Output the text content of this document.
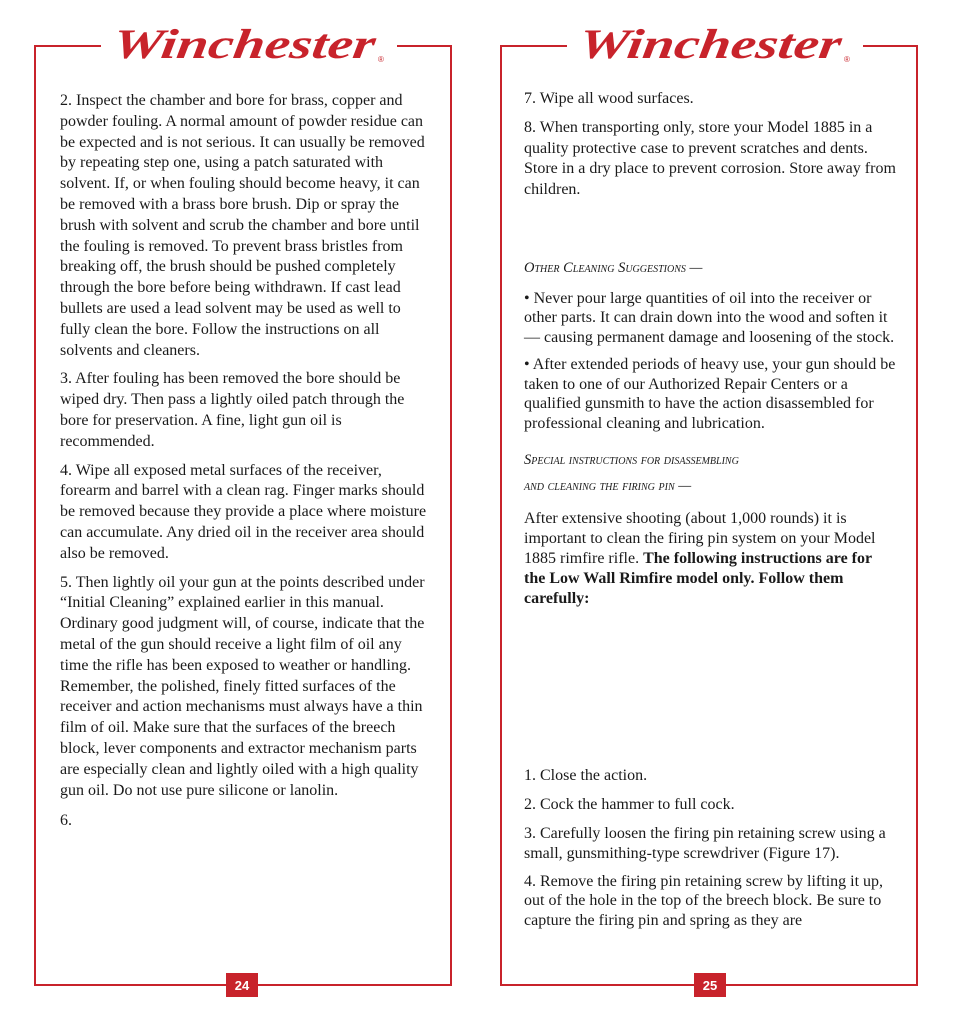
Winchester	®	Winchester	®

2. Inspect the chamber and bore for brass, copper and powder fouling. A normal amount of powder residue can be expected and is not serious. It can usually be removed by repeating step one, using a patch saturated with solvent. If, or when fouling should become heavy, it can be removed with a brass bore brush. Dip or spray the brush with solvent and scrub the chamber and bore until the fouling is removed. To prevent brass bristles from breaking off, the brush should be pushed completely through the bore before being withdrawn. If cast lead bullets are used a lead solvent may be used as well to fully clean the bore. Follow the instructions on all solvents and cleaners.

3. After fouling has been removed the bore should be wiped dry. Then pass a lightly oiled patch through the bore for preservation. A fine, light gun oil is recommended.

4. Wipe all exposed metal surfaces of the receiver, forearm and barrel with a clean rag. Finger marks should be removed because they provide a place where moisture can accumulate. Any dried oil in the receiver area should also be removed.

5. Then lightly oil your gun at the points described under “Initial Cleaning” explained earlier in this manual. Ordinary good judgment will, of course, indicate that the metal of the gun should receive a light film of oil any time the rifle has been exposed to weather or handling. Remember, the polished, finely fitted surfaces of the receiver and action mechanisms must always have a thin film of oil. Make sure that the surfaces of the breech block, lever components and extractor mechanism parts are especially clean and lightly oiled with a high quality gun oil. Do not use pure silicone or lanolin.

6.

7. Wipe all wood surfaces.

8. When transporting only, store your Model 1885 in a quality protective case to prevent scratches and dents. Store in a dry place to prevent corrosion. Store away from children.

Other Cleaning Suggestions —

• Never pour large quantities of oil into the receiver or other parts. It can drain down into the wood and soften it — causing permanent damage and loosening of the stock.

• After extended periods of heavy use, your gun should be taken to one of our Authorized Repair Centers or a qualified gunsmith to have the action disassembled for professional cleaning and lubrication.

Special instructions for disassembling

and cleaning the firing pin —

After extensive shooting (about 1,000 rounds) it is important to clean the firing pin system on your Model 1885 rimfire rifle. The following instructions are for the Low Wall Rimfire model only. Follow them carefully:

1. Close the action.

2. Cock the hammer to full cock.

3. Carefully loosen the firing pin retaining screw using a small, gunsmithing-type screwdriver (Figure 17).

4. Remove the firing pin retaining screw by lifting it up, out of the hole in the top of the breech block. Be sure to capture the firing pin and spring as they are

24	25
